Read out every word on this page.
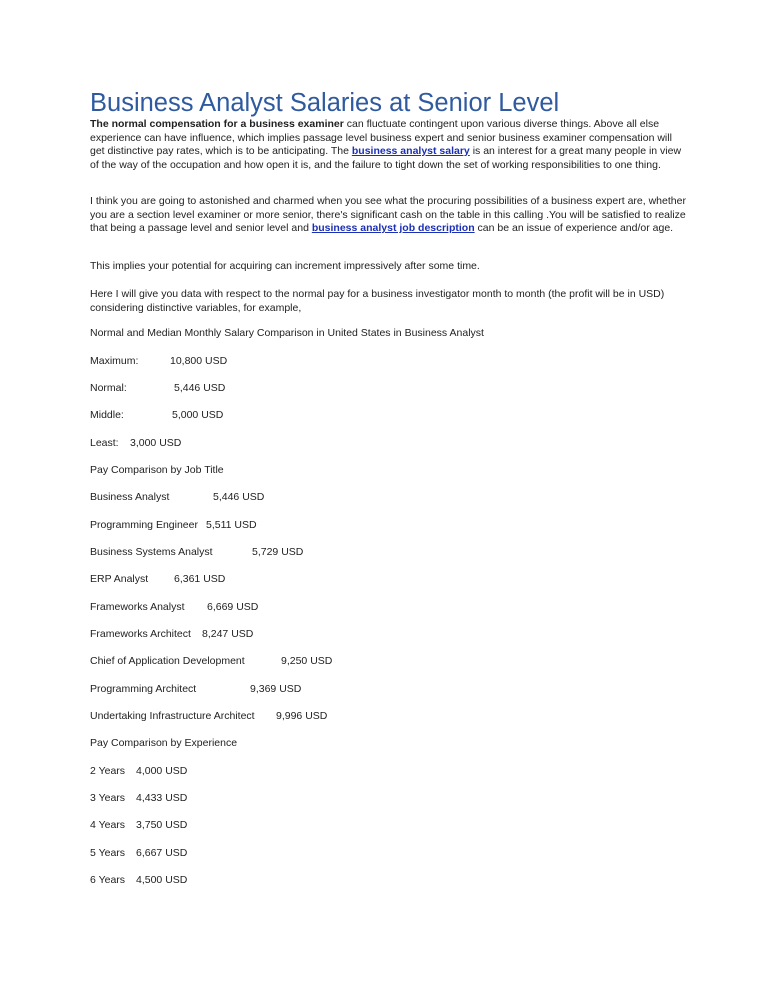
Business Analyst Salaries at Senior Level
The normal compensation for a business examiner can fluctuate contingent upon various diverse things. Above all else experience can have influence, which implies passage level business expert and senior business examiner compensation will get distinctive pay rates, which is to be anticipating. The business analyst salary is an interest for a great many people in view of the way of the occupation and how open it is, and the failure to tight down the set of working responsibilities to one thing.
I think you are going to astonished and charmed when you see what the procuring possibilities of a business expert are, whether you are a section level examiner or more senior, there's significant cash on the table in this calling .You will be satisfied to realize that being a passage level and senior level and business analyst job description can be an issue of experience and/or age.
This implies your potential for acquiring can increment impressively after some time.
Here I will give you data with respect to the normal pay for a business investigator month to month (the profit will be in USD) considering distinctive variables, for example,
Normal and Median Monthly Salary Comparison in United States in Business Analyst
Maximum:	10,800 USD
Normal:	5,446 USD
Middle:	5,000 USD
Least: 3,000 USD
Pay Comparison by Job Title
Business Analyst	5,446 USD
Programming Engineer 5,511 USD
Business Systems Analyst	5,729 USD
ERP Analyst 6,361 USD
Frameworks Analyst 6,669 USD
Frameworks Architect 8,247 USD
Chief of Application Development	9,250 USD
Programming Architect	9,369 USD
Undertaking Infrastructure Architect 9,996 USD
Pay Comparison by Experience
2 Years 4,000 USD
3 Years 4,433 USD
4 Years 3,750 USD
5 Years 6,667 USD
6 Years 4,500 USD
